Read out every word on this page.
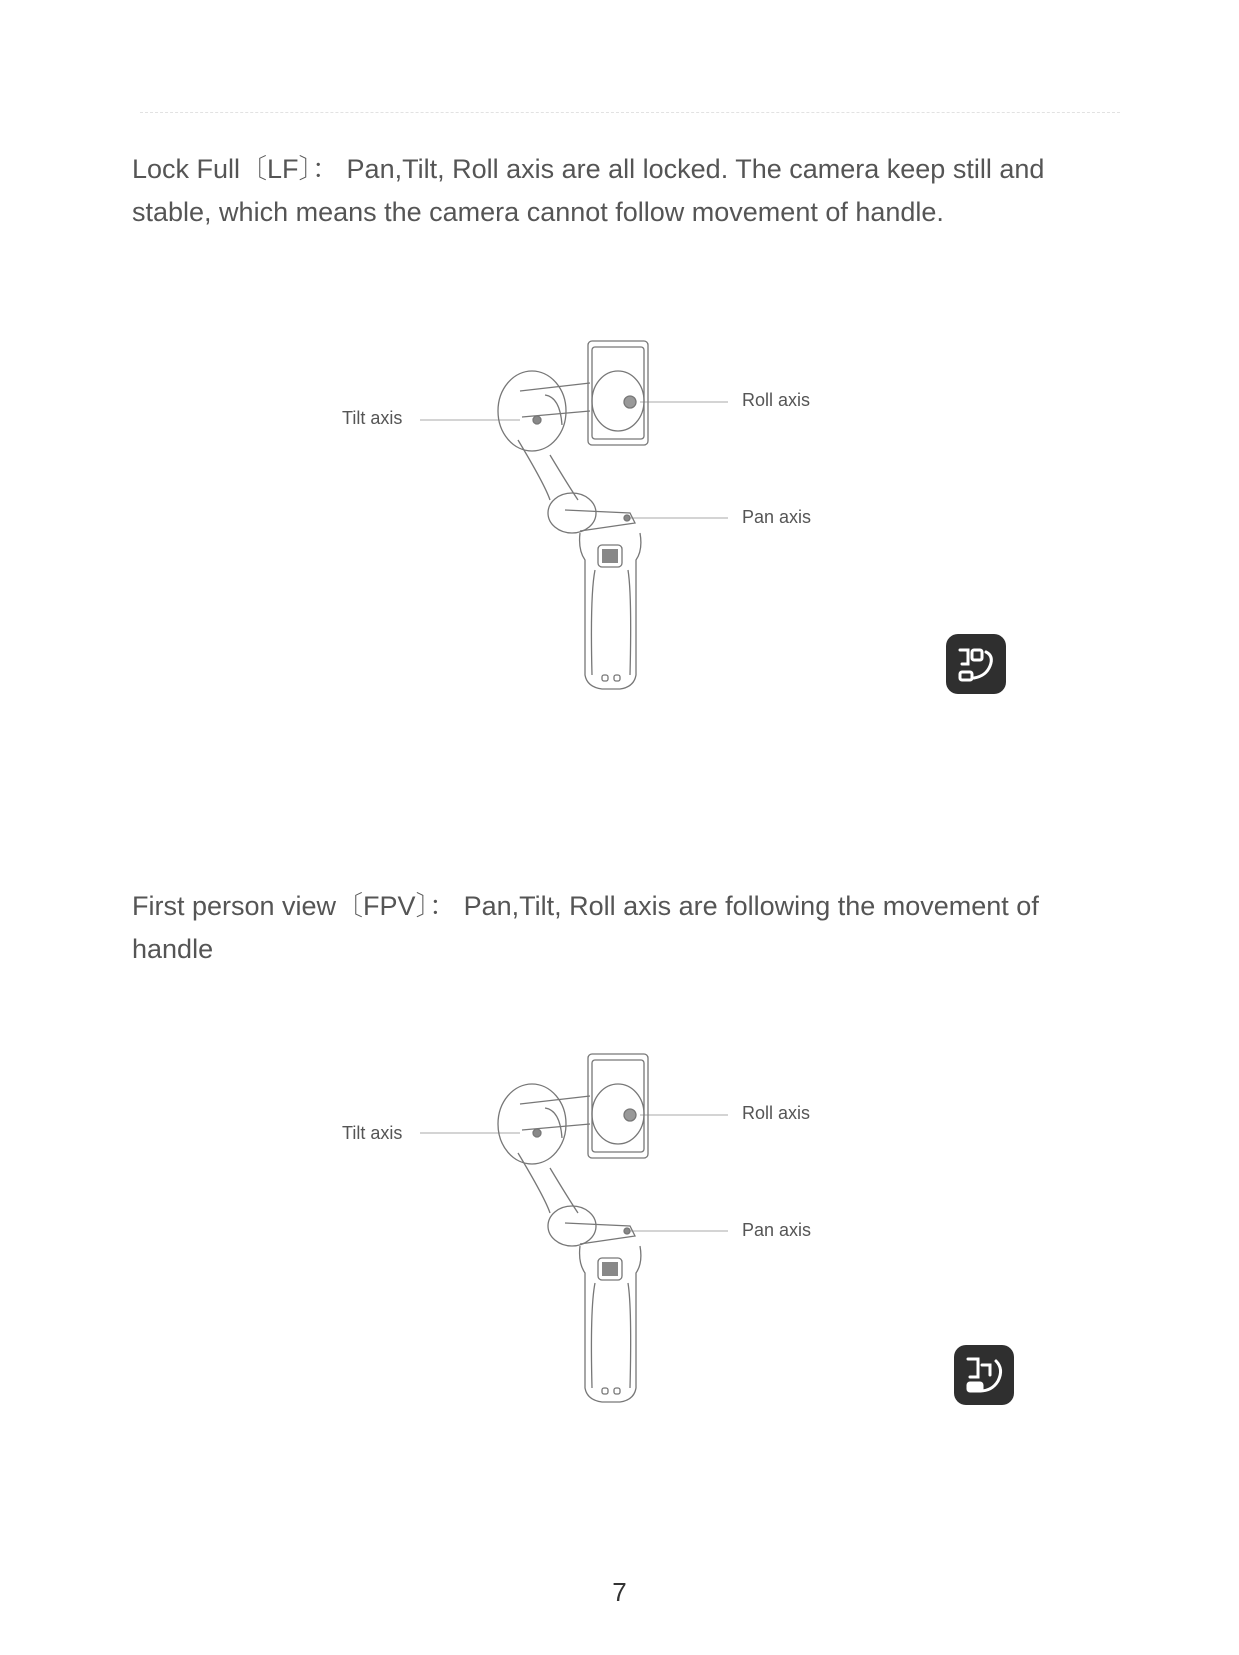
Lock Full〔LF〕： Pan,Tilt, Roll axis are all locked. The camera keep still and stable, which means the camera cannot follow movement of handle.

Tilt axis
Roll axis
Pan axis

First person view〔FPV〕： Pan,Tilt, Roll axis are following the movement of handle

Tilt axis
Roll axis
Pan axis
7
